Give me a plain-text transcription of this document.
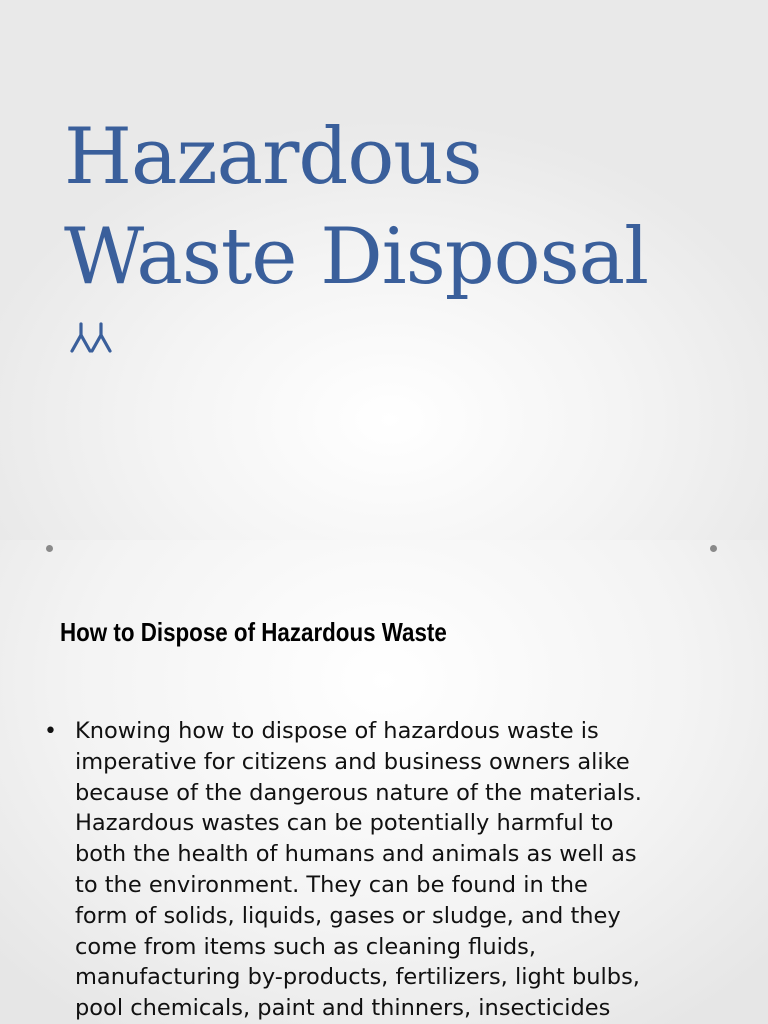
Hazardous
Waste Disposal
How to Dispose of Hazardous Waste
• Knowing how to dispose of hazardous waste is
imperative for citizens and business owners alike
because of the dangerous nature of the materials.
Hazardous wastes can be potentially harmful to
both the health of humans and animals as well as
to the environment. They can be found in the
form of solids, liquids, gases or sludge, and they
come from items such as cleaning fluids,
manufacturing by-products, fertilizers, light bulbs,
pool chemicals, paint and thinners, insecticides
